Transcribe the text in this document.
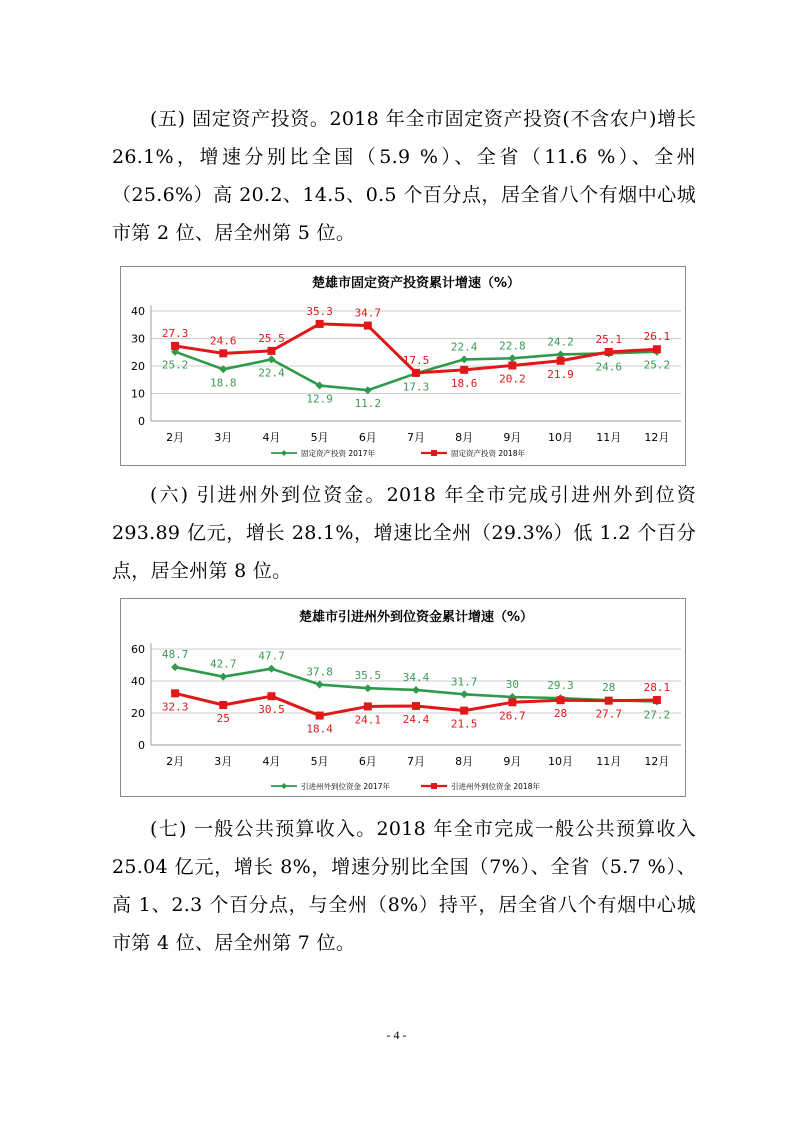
(五) 固定资产投资。2018 年全市固定资产投资(不含农户)增长 26.1%，增速分别比全国（5.9 %）、全省（11.6 %）、全州（25.6%）高 20.2、14.5、0.5 个百分点，居全省八个有烟中心城市第 2 位、居全州第 5 位。

楚雄市固定资产投资累计增速（%）
0
10
20
30
40
2月	3月	4月	5月	6月	7月	8月	9月 10月 11月 12月
25.2
18.8
22.4
12.9 11.2
17.3
22.4 22.8 24.2
24.6 25.2
27.3
24.6 25.5
35.3 34.7
17.5
18.6 20.2 21.9
25.1 26.1
固定资产投资 2017年	固定资产投资 2018年

(六) 引进州外到位资金。2018 年全市完成引进州外到位资 293.89 亿元，增长 28.1%，增速比全州（29.3%）低 1.2 个百分点，居全州第 8 位。

楚雄市引进州外到位资金累计增速（%）
0
20
40
60
2月	3月	4月	5月	6月	7月	8月	9月 10月 11月 12月
48.7
42.7
47.7
37.8 35.5 34.4 31.7	30	29.3	28
27.2
32.3
25
30.5
18.4
24.1 24.4 21.5
26.7	28	27.7
28.1
引进州外到位资金 2017年	引进州外到位资金 2018年

(七) 一般公共预算收入。2018 年全市完成一般公共预算收入 25.04 亿元，增长 8%，增速分别比全国（7%）、全省（5.7 %）、高 1、2.3 个百分点，与全州（8%）持平，居全省八个有烟中心城市第 4 位、居全州第 7 位。

- 4 -
